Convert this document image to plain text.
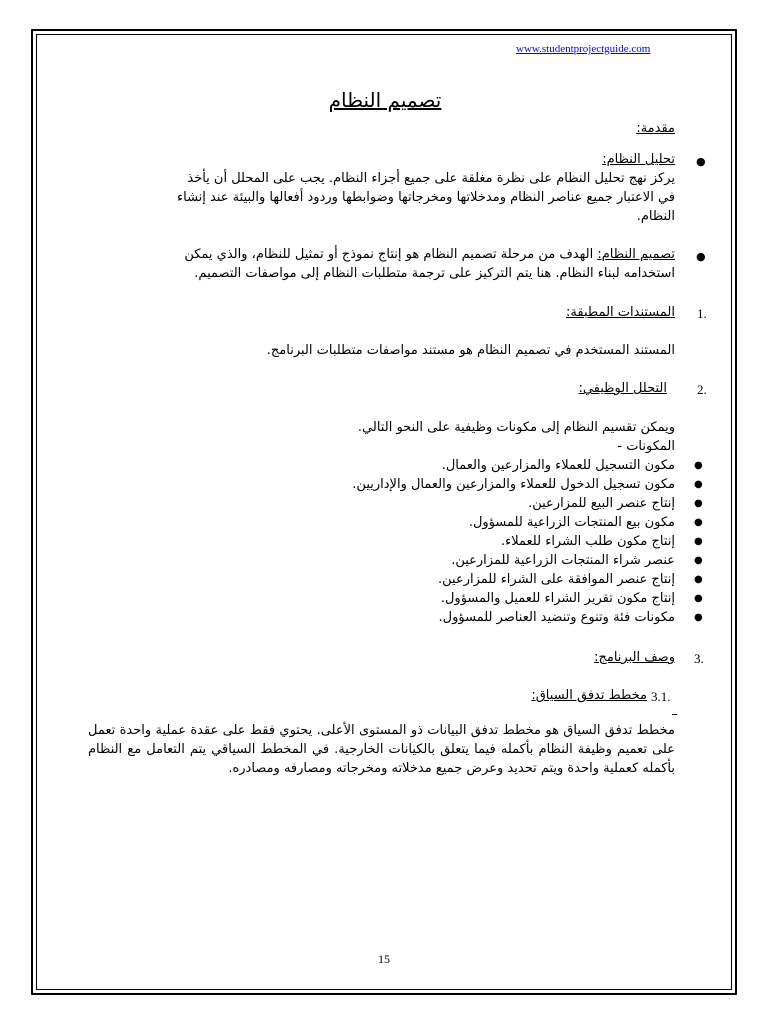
www.studentprojectguide.com
تصميم النظام
مقدمة:
●
تحليل النظام:
يركز نهج تحليل النظام على نظرة مغلقة على جميع أجزاء النظام. يجب على المحلل أن يأخذ
في الاعتبار جميع عناصر النظام ومدخلاتها ومخرجاتها وضوابطها وردود أفعالها والبيئة عند إنشاء
النظام.
●
تصميم النظام: الهدف من مرحلة تصميم النظام هو إنتاج نموذج أو تمثيل للنظام، والذي يمكن
استخدامه لبناء النظام. هنا يتم التركيز على ترجمة متطلبات النظام إلى مواصفات التصميم.
1.
المستندات المطبقة:
المستند المستخدم في تصميم النظام هو مستند مواصفات متطلبات البرنامج.
2.
التحلل الوظيفي:
ويمكن تقسيم النظام إلى مكونات وظيفية على النحو التالي.
المكونات -
●
مكون التسجيل للعملاء والمزارعين والعمال.
●
مكون تسجيل الدخول للعملاء والمزارعين والعمال والإداريين.
●
إنتاج عنصر البيع للمزارعين.
●
مكون بيع المنتجات الزراعية للمسؤول.
●
إنتاج مكون طلب الشراء للعملاء.
●
عنصر شراء المنتجات الزراعية للمزارعين.
●
إنتاج عنصر الموافقة على الشراء للمزارعين.
●
إنتاج مكون تقرير الشراء للعميل والمسؤول.
●
مكونات فئة وتنوع وتنضيد العناصر للمسؤول.
3.
وصف البرنامج:
3.1.
مخطط تدفق السياق:

مخطط تدفق السياق هو مخطط تدفق البيانات ذو المستوى الأعلى. يحتوي فقط على عقدة عملية واحدة تعمل على تعميم وظيفة النظام بأكمله فيما يتعلق بالكيانات الخارجية. في المخطط السياقي يتم التعامل مع النظام بأكمله كعملية واحدة ويتم تحديد وعرض جميع مدخلاته ومخرجاته ومصارفه ومصادره.

15
